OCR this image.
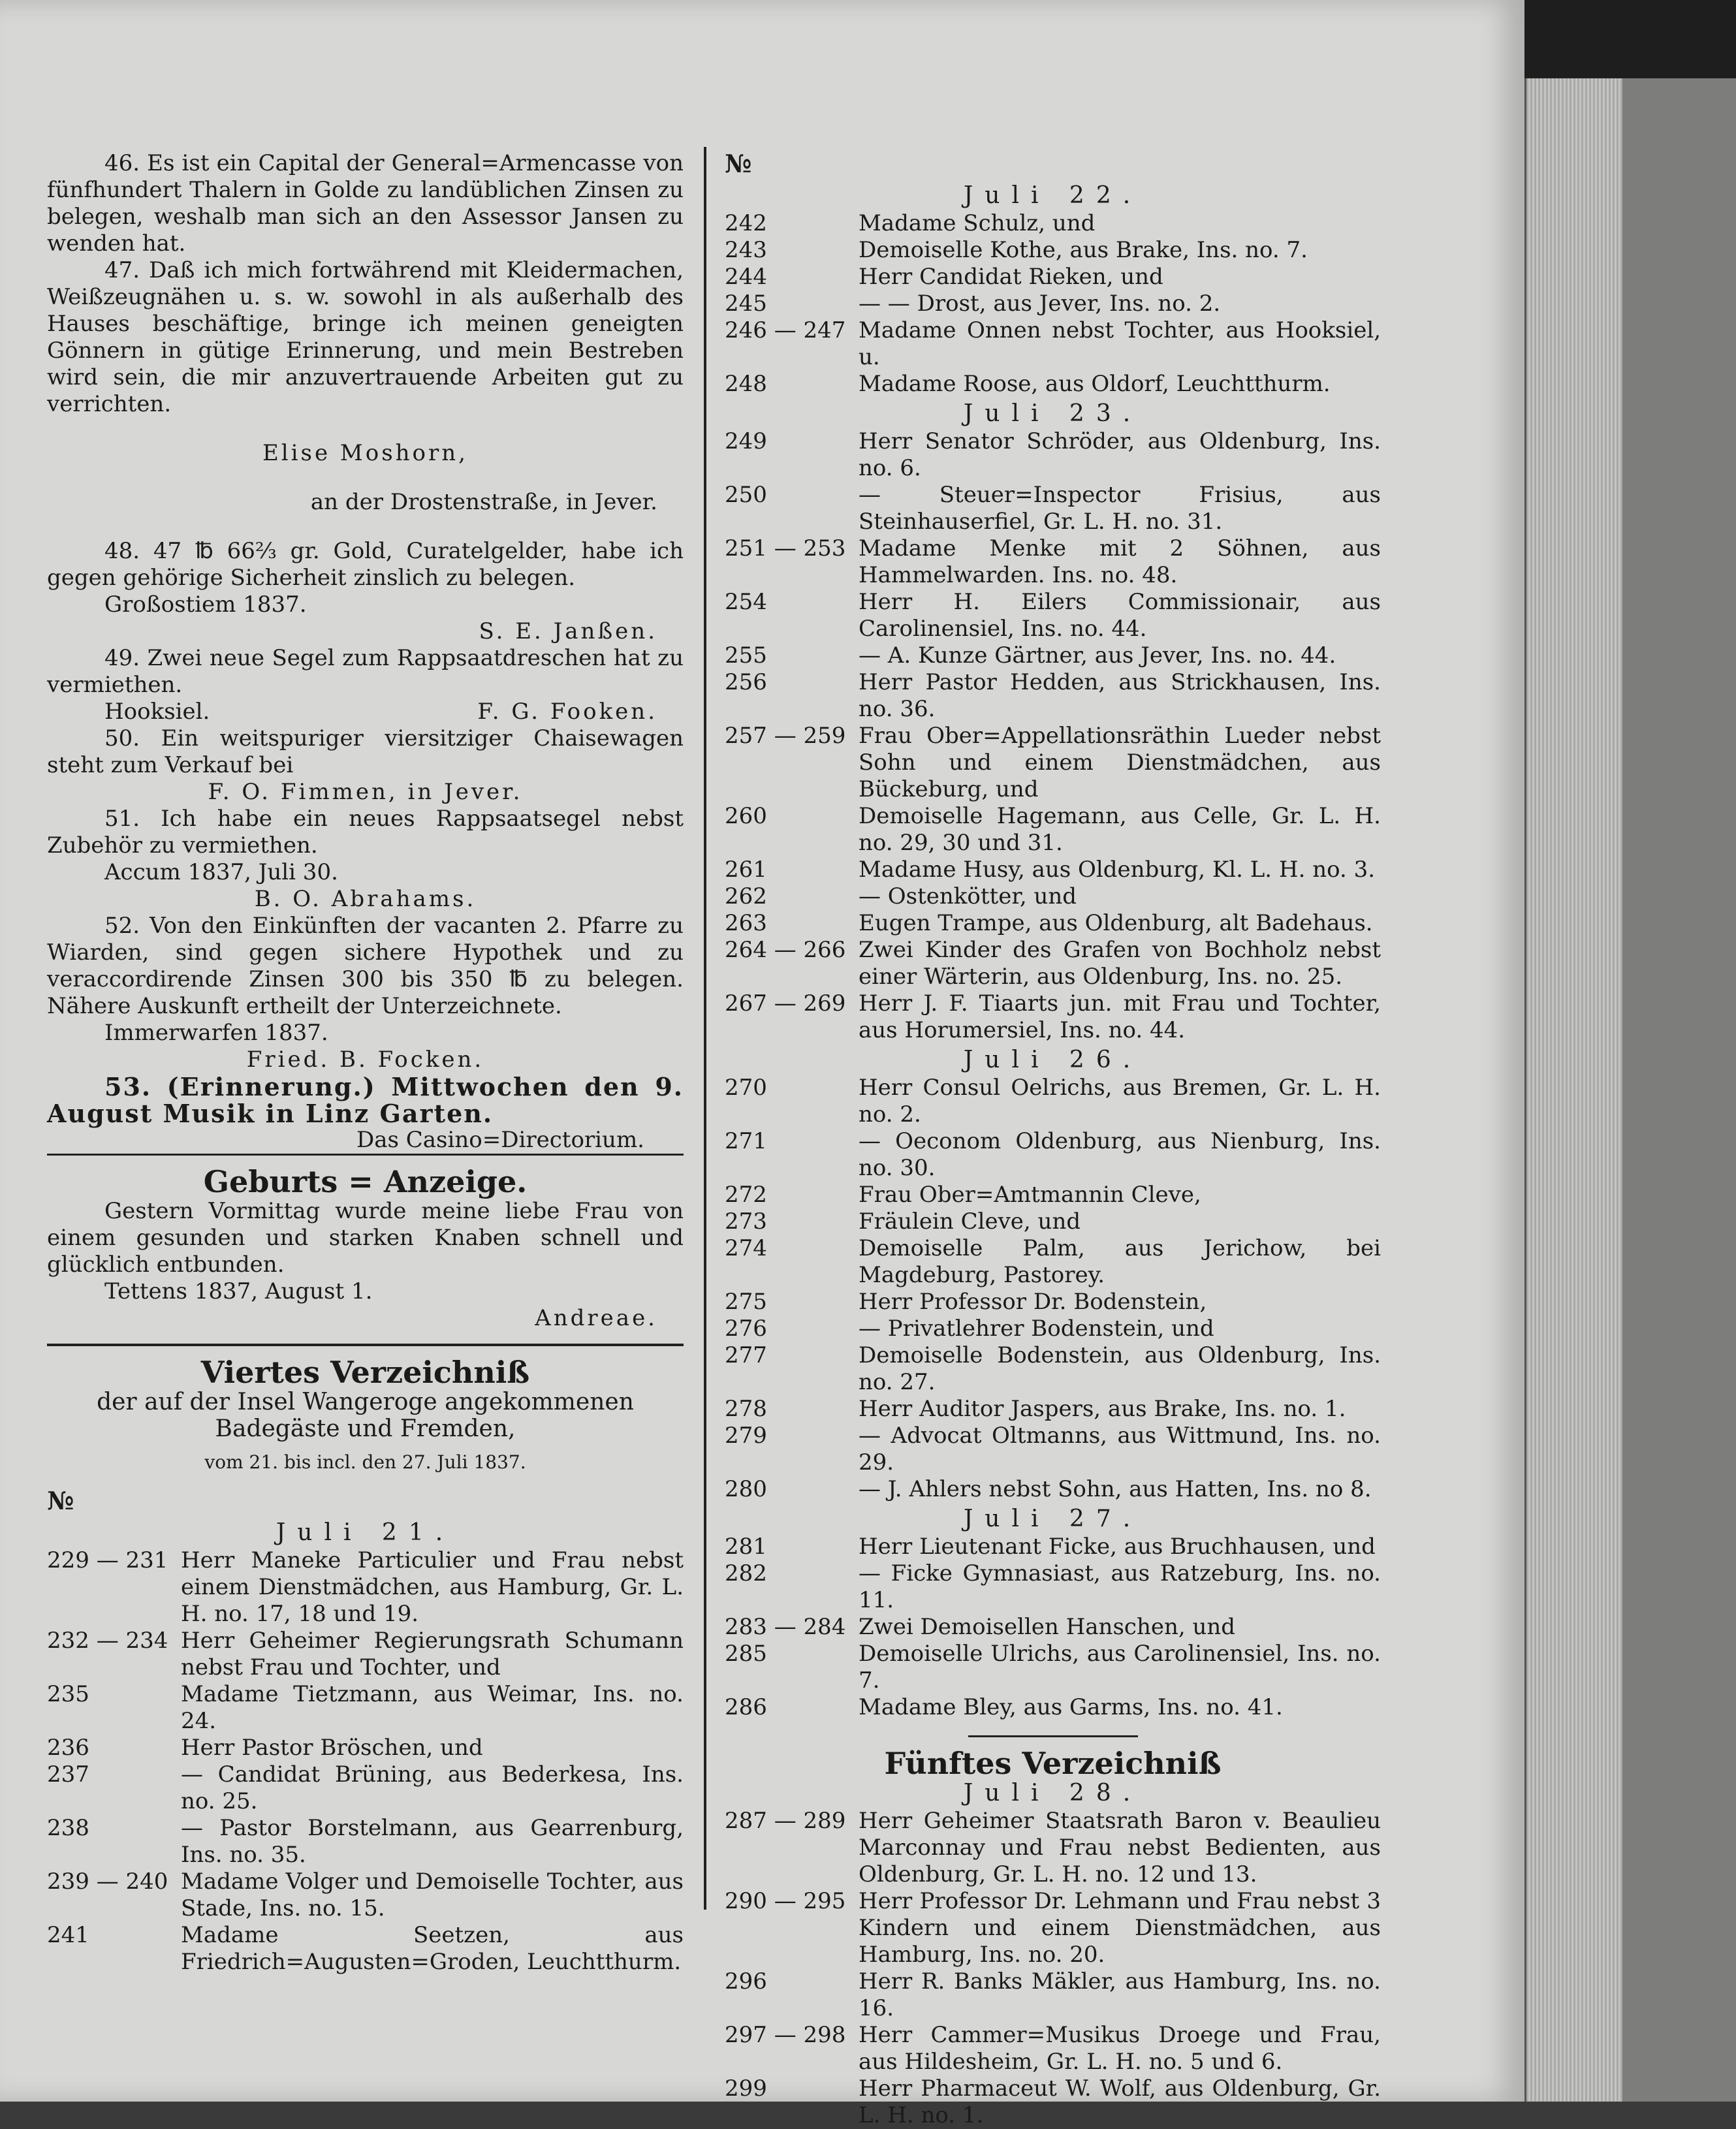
46. Es ist ein Capital der General=Armencasse von fünfhundert Thalern in Golde zu landüblichen Zinsen zu belegen, weshalb man sich an den Assessor Jansen zu wenden hat.

47. Daß ich mich fortwährend mit Kleidermachen, Weißzeugnähen u. s. w. sowohl in als außerhalb des Hauses beschäftige, bringe ich meinen geneigten Gönnern in gütige Erinnerung, und mein Bestreben wird sein, die mir anzuvertrauende Arbeiten gut zu verrichten.

Elise Moshorn,

an der Drostenstraße, in Jever.

48. 47 ℔ 66⅔ gr. Gold, Curatelgelder, habe ich gegen gehörige Sicherheit zinslich zu belegen.

Großostiem 1837.

S. E. Janßen.

49. Zwei neue Segel zum Rappsaatdreschen hat zu vermiethen.

Hooksiel.	F. G. Fooken.

50. Ein weitspuriger viersitziger Chaisewagen steht zum Verkauf bei

F. O. Fimmen, in Jever.

51. Ich habe ein neues Rappsaatsegel nebst Zubehör zu vermiethen.

Accum 1837, Juli 30.

B. O. Abrahams.

52. Von den Einkünften der vacanten 2. Pfarre zu Wiarden, sind gegen sichere Hypothek und zu veraccordirende Zinsen 300 bis 350 ℔ zu belegen. Nähere Auskunft ertheilt der Unterzeichnete.

Immerwarfen 1837.

Fried. B. Focken.

53. (Erinnerung.) Mittwochen den 9. August Musik in Linz Garten.

Das Casino=Directorium.

Geburts = Anzeige.

Gestern Vormittag wurde meine liebe Frau von einem gesunden und starken Knaben schnell und glücklich entbunden.

Tettens 1837, August 1.

Andreae.

Viertes Verzeichniß

der auf der Insel Wangeroge angekommenen Badegäste und Fremden,

vom 21. bis incl. den 27. Juli 1837.

№

Juli 21.

229 — 231 Herr Maneke Particulier und Frau nebst einem Dienstmädchen, aus Hamburg, Gr. L. H. no. 17, 18 und 19.
232 — 234 Herr Geheimer Regierungsrath Schumann nebst Frau und Tochter, und
235	Madame Tietzmann, aus Weimar, Ins. no. 24.
236	Herr Pastor Bröschen, und
237	— Candidat Brüning, aus Bederkesa, Ins. no. 25.
238	— Pastor Borstelmann, aus Gearrenburg, Ins. no. 35.
239 — 240 Madame Volger und Demoiselle Tochter, aus Stade, Ins. no. 15.
241	Madame Seetzen, aus Friedrich=Augusten=Groden, Leuchtthurm.

№

Juli 22.

242	Madame Schulz, und
243	Demoiselle Kothe, aus Brake, Ins. no. 7.
244	Herr Candidat Rieken, und
245	— — Drost, aus Jever, Ins. no. 2.
246 — 247 Madame Onnen nebst Tochter, aus Hooksiel, u.
248	Madame Roose, aus Oldorf, Leuchtthurm.

Juli 23.

249	Herr Senator Schröder, aus Oldenburg, Ins. no. 6.
250	— Steuer=Inspector Frisius, aus Steinhauserfiel, Gr. L. H. no. 31.
251 — 253 Madame Menke mit 2 Söhnen, aus Hammelwarden. Ins. no. 48.
254	Herr H. Eilers Commissionair, aus Carolinensiel, Ins. no. 44.
255	— A. Kunze Gärtner, aus Jever, Ins. no. 44.
256	Herr Pastor Hedden, aus Strickhausen, Ins. no. 36.
257 — 259 Frau Ober=Appellationsräthin Lueder nebst Sohn und einem Dienstmädchen, aus Bückeburg, und
260	Demoiselle Hagemann, aus Celle, Gr. L. H. no. 29, 30 und 31.
261	Madame Husy, aus Oldenburg, Kl. L. H. no. 3.
262	— Ostenkötter, und
263	Eugen Trampe, aus Oldenburg, alt Badehaus.
264 — 266 Zwei Kinder des Grafen von Bochholz nebst einer Wärterin, aus Oldenburg, Ins. no. 25.
267 — 269 Herr J. F. Tiaarts jun. mit Frau und Tochter, aus Horumersiel, Ins. no. 44.

Juli 26.

270	Herr Consul Oelrichs, aus Bremen, Gr. L. H. no. 2.
271	— Oeconom Oldenburg, aus Nienburg, Ins. no. 30.
272	Frau Ober=Amtmannin Cleve,
273	Fräulein Cleve, und
274	Demoiselle Palm, aus Jerichow, bei Magdeburg, Pastorey.
275	Herr Professor Dr. Bodenstein,
276	— Privatlehrer Bodenstein, und
277	Demoiselle Bodenstein, aus Oldenburg, Ins. no. 27.
278	Herr Auditor Jaspers, aus Brake, Ins. no. 1.
279	— Advocat Oltmanns, aus Wittmund, Ins. no. 29.
280	— J. Ahlers nebst Sohn, aus Hatten, Ins. no 8.

Juli 27.

281	Herr Lieutenant Ficke, aus Bruchhausen, und
282	— Ficke Gymnasiast, aus Ratzeburg, Ins. no. 11.
283 — 284 Zwei Demoisellen Hanschen, und
285	Demoiselle Ulrichs, aus Carolinensiel, Ins. no. 7.
286	Madame Bley, aus Garms, Ins. no. 41.

Fünftes Verzeichniß

Juli 28.

287 — 289 Herr Geheimer Staatsrath Baron v. Beaulieu Marconnay und Frau nebst Bedienten, aus Oldenburg, Gr. L. H. no. 12 und 13.
290 — 295 Herr Professor Dr. Lehmann und Frau nebst 3 Kindern und einem Dienstmädchen, aus Hamburg, Ins. no. 20.
296	Herr R. Banks Mäkler, aus Hamburg, Ins. no. 16.
297 — 298 Herr Cammer=Musikus Droege und Frau, aus Hildesheim, Gr. L. H. no. 5 und 6.
299	Herr Pharmaceut W. Wolf, aus Oldenburg, Gr. L. H. no. 1.
